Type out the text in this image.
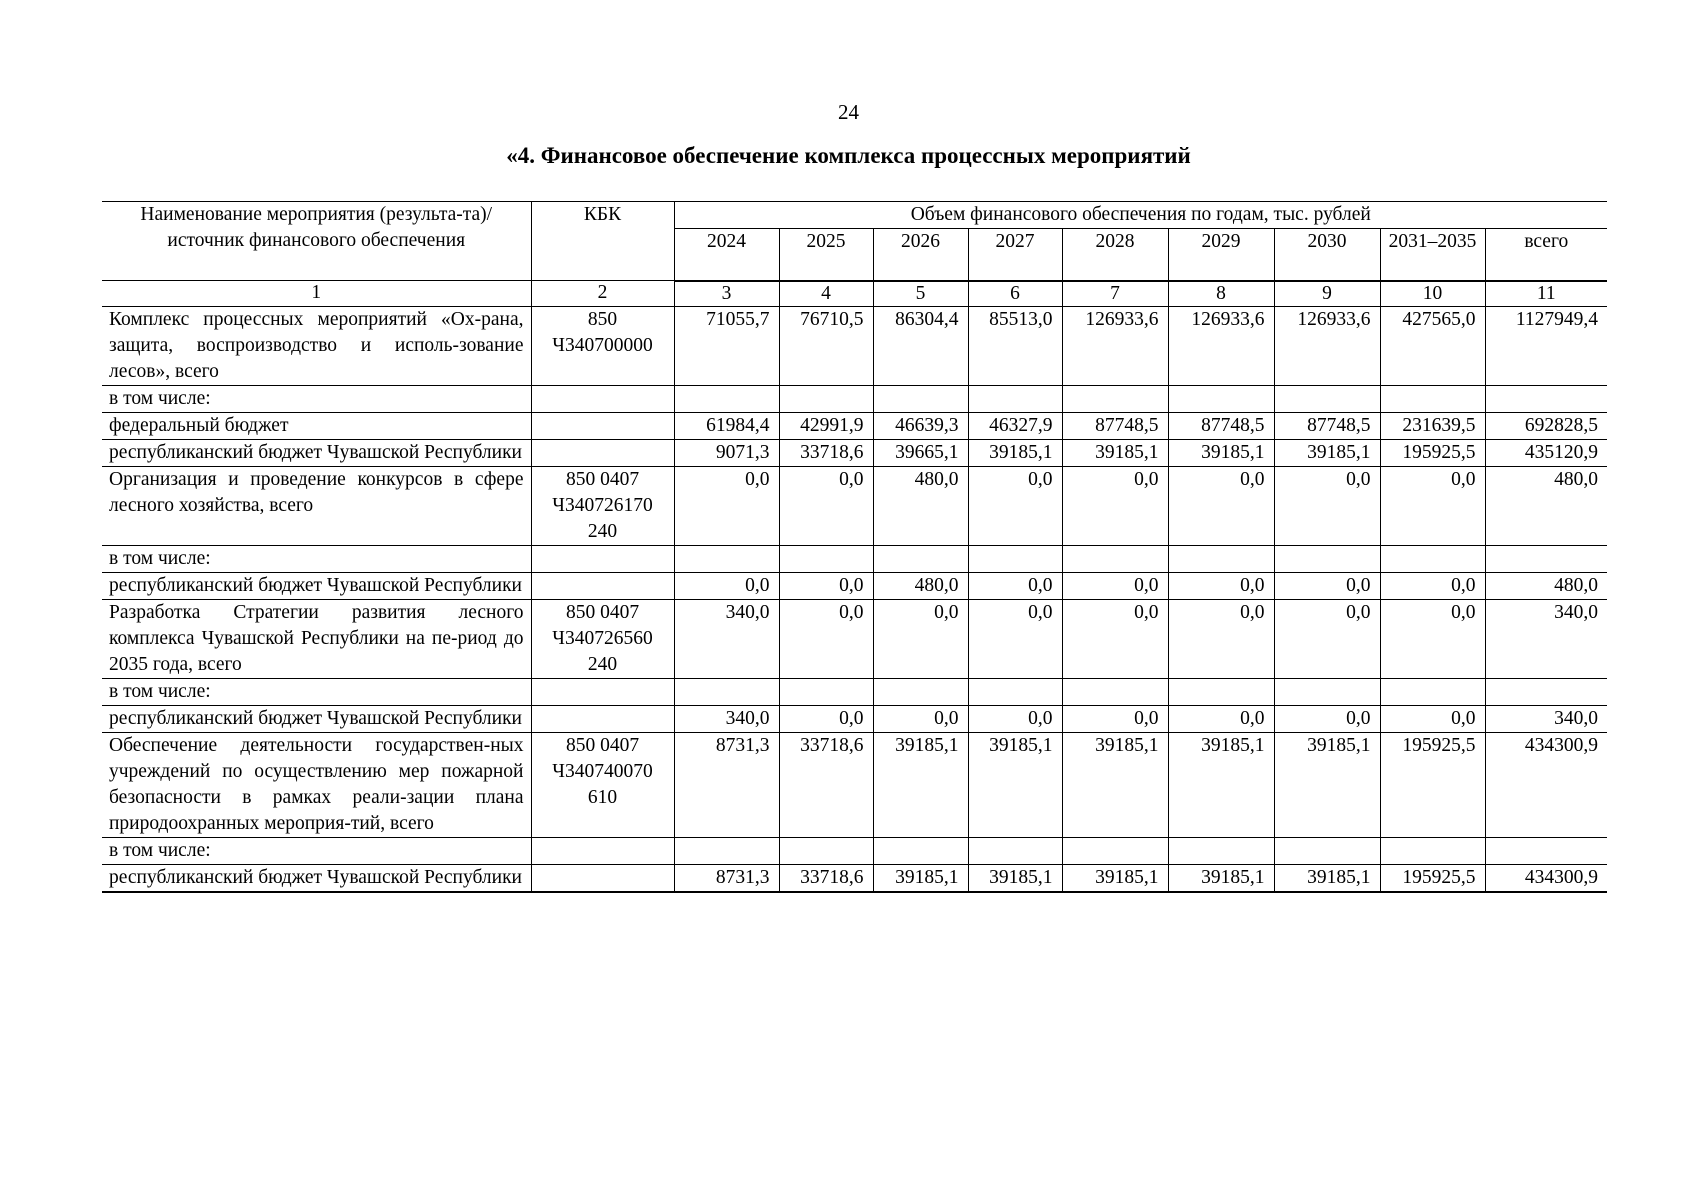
24
«4. Финансовое обеспечение комплекса процессных мероприятий
Наименование мероприятия (результа-та)/источник финансового обеспечения	КБК	Объем финансового обеспечения по годам, тыс. рублей								
		2024	2025	2026	2027	2028	2029	2030	2031–2035	всего
1	2	3	4	5	6	7	8	9	10	11
Комплекс процессных мероприятий «Ох-рана, защита, воспроизводство и исполь-зование лесов», всего	850 Ч340700000	71055,7	76710,5	86304,4	85513,0	126933,6	126933,6	126933,6	427565,0	1127949,4
в том числе:										
федеральный бюджет		61984,4	42991,9	46639,3	46327,9	87748,5	87748,5	87748,5	231639,5	692828,5
республиканский бюджет Чувашской Республики		9071,3	33718,6	39665,1	39185,1	39185,1	39185,1	39185,1	195925,5	435120,9
Организация и проведение конкурсов в сфере лесного хозяйства, всего	850 0407 Ч340726170 240	0,0	0,0	480,0	0,0	0,0	0,0	0,0	0,0	480,0
в том числе:										
республиканский бюджет Чувашской Республики		0,0	0,0	480,0	0,0	0,0	0,0	0,0	0,0	480,0
Разработка Стратегии развития лесного комплекса Чувашской Республики на пе-риод до 2035 года, всего	850 0407 Ч340726560 240	340,0	0,0	0,0	0,0	0,0	0,0	0,0	0,0	340,0
в том числе:										
республиканский бюджет Чувашской Республики		340,0	0,0	0,0	0,0	0,0	0,0	0,0	0,0	340,0
Обеспечение деятельности государствен-ных учреждений по осуществлению мер пожарной безопасности в рамках реали-зации плана природоохранных мероприя-тий, всего	850 0407 Ч340740070 610	8731,3	33718,6	39185,1	39185,1	39185,1	39185,1	39185,1	195925,5	434300,9
в том числе:										
республиканский бюджет Чувашской Республики		8731,3	33718,6	39185,1	39185,1	39185,1	39185,1	39185,1	195925,5	434300,9
